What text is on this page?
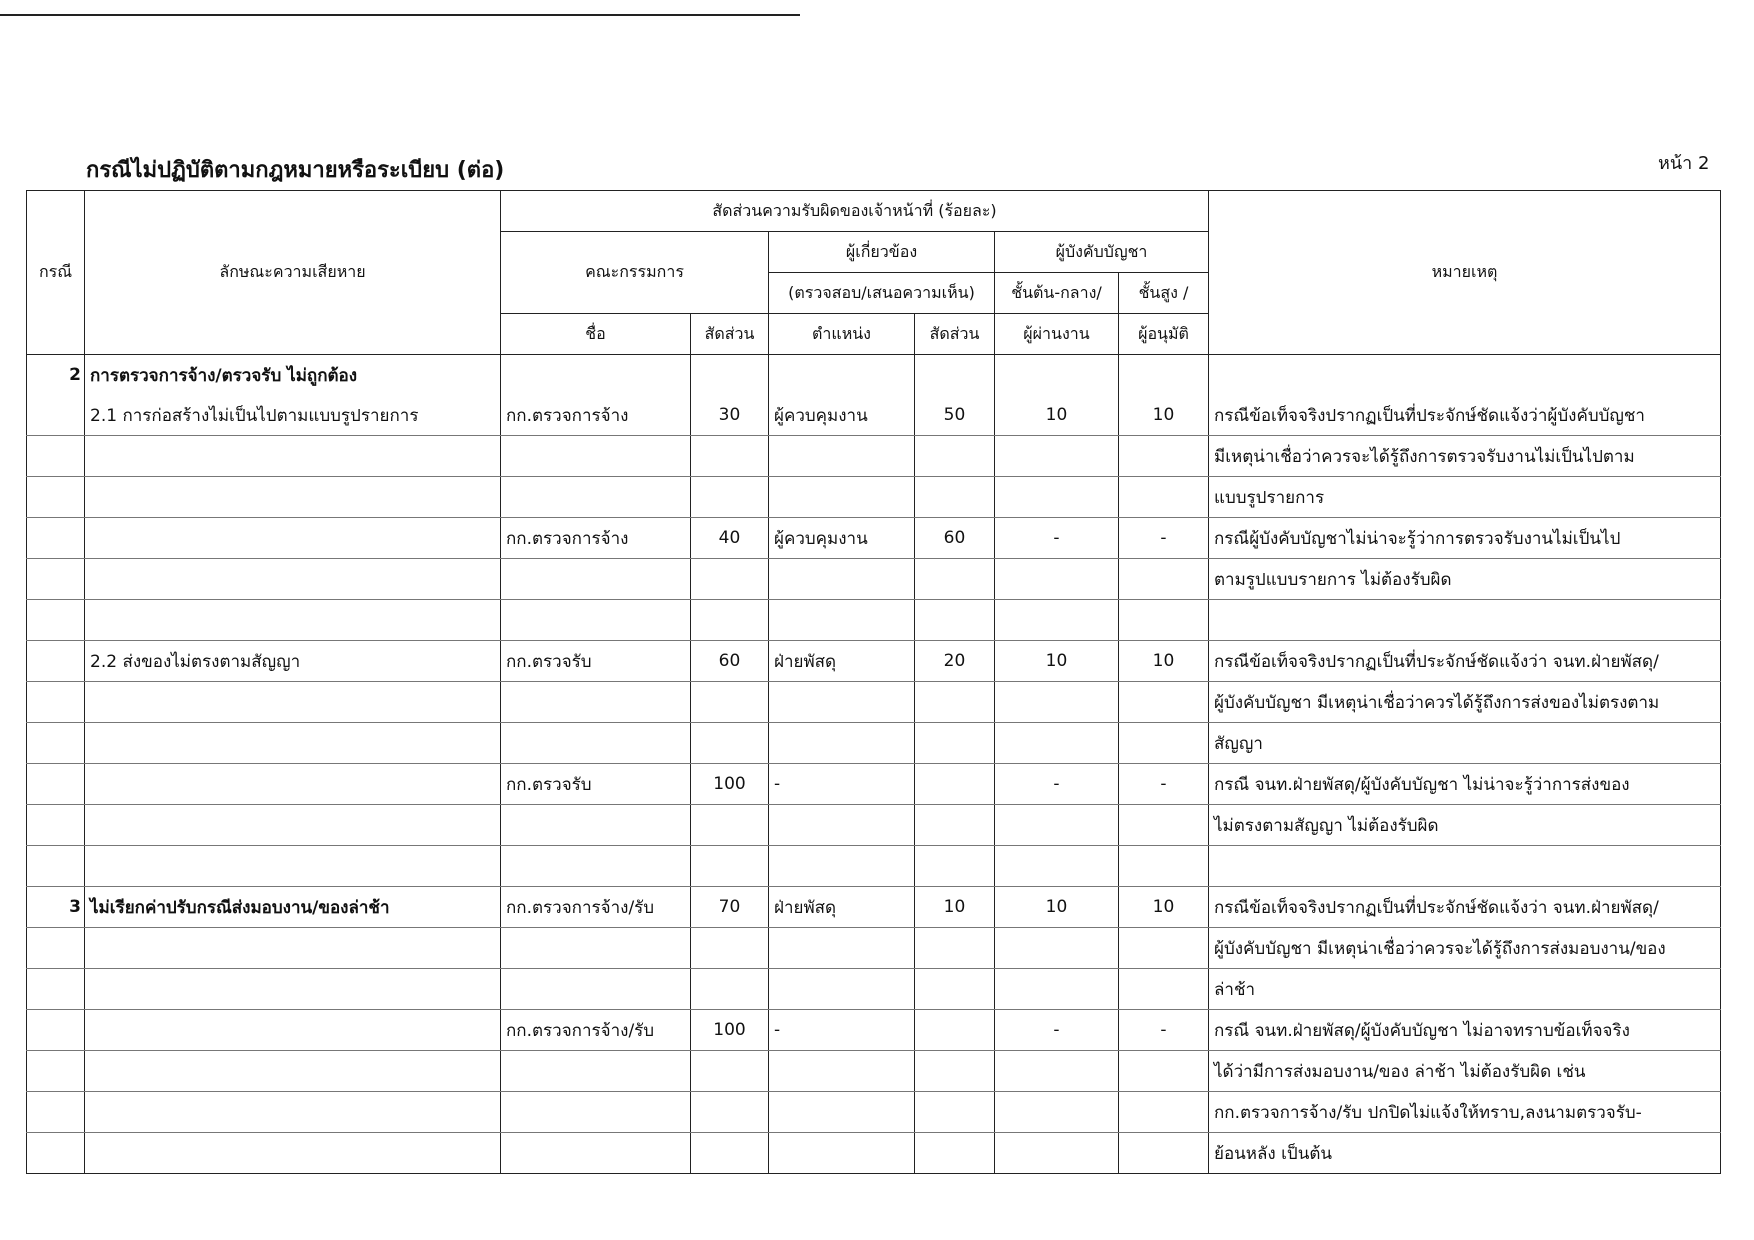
กรณีไม่ปฏิบัติตามกฎหมายหรือระเบียบ (ต่อ)	หน้า 2
กรณี	ลักษณะความเสียหาย	สัดส่วนความรับผิดของเจ้าหน้าที่ (ร้อยละ)						หมายเหตุ
		คณะกรรมการ		ผู้เกี่ยวข้อง		ผู้บังคับบัญชา		
				(ตรวจสอบ/เสนอความเห็น)		ชั้นต้น-กลาง/	ชั้นสูง /	
		ชื่อ	สัดส่วน	ตำแหน่ง	สัดส่วน	ผู้ผ่านงาน	ผู้อนุมัติ	
2	การตรวจการจ้าง/ตรวจรับ ไม่ถูกต้อง							
	2.1 การก่อสร้างไม่เป็นไปตามแบบรูปรายการ	กก.ตรวจการจ้าง	30	ผู้ควบคุมงาน	50	10	10	กรณีข้อเท็จจริงปรากฏเป็นที่ประจักษ์ชัดแจ้งว่าผู้บังคับบัญชา
								มีเหตุน่าเชื่อว่าควรจะได้รู้ถึงการตรวจรับงานไม่เป็นไปตาม
								แบบรูปรายการ
		กก.ตรวจการจ้าง	40	ผู้ควบคุมงาน	60	-	-	กรณีผู้บังคับบัญชาไม่น่าจะรู้ว่าการตรวจรับงานไม่เป็นไป
								ตามรูปแบบรายการ ไม่ต้องรับผิด

	2.2 ส่งของไม่ตรงตามสัญญา	กก.ตรวจรับ	60	ฝ่ายพัสดุ	20	10	10	กรณีข้อเท็จจริงปรากฏเป็นที่ประจักษ์ชัดแจ้งว่า จนท.ฝ่ายพัสดุ/
								ผู้บังคับบัญชา มีเหตุน่าเชื่อว่าควรได้รู้ถึงการส่งของไม่ตรงตาม
								สัญญา
		กก.ตรวจรับ	100	-		-	-	กรณี จนท.ฝ่ายพัสดุ/ผู้บังคับบัญชา ไม่น่าจะรู้ว่าการส่งของ
								ไม่ตรงตามสัญญา ไม่ต้องรับผิด

3	ไม่เรียกค่าปรับกรณีส่งมอบงาน/ของล่าช้า	กก.ตรวจการจ้าง/รับ	70	ฝ่ายพัสดุ	10	10	10	กรณีข้อเท็จจริงปรากฏเป็นที่ประจักษ์ชัดแจ้งว่า จนท.ฝ่ายพัสดุ/
								ผู้บังคับบัญชา มีเหตุน่าเชื่อว่าควรจะได้รู้ถึงการส่งมอบงาน/ของ
								ล่าช้า
		กก.ตรวจการจ้าง/รับ	100	-		-	-	กรณี จนท.ฝ่ายพัสดุ/ผู้บังคับบัญชา ไม่อาจทราบข้อเท็จจริง
								ได้ว่ามีการส่งมอบงาน/ของ ล่าช้า ไม่ต้องรับผิด เช่น
								กก.ตรวจการจ้าง/รับ ปกปิดไม่แจ้งให้ทราบ,ลงนามตรวจรับ-
								ย้อนหลัง เป็นต้น
